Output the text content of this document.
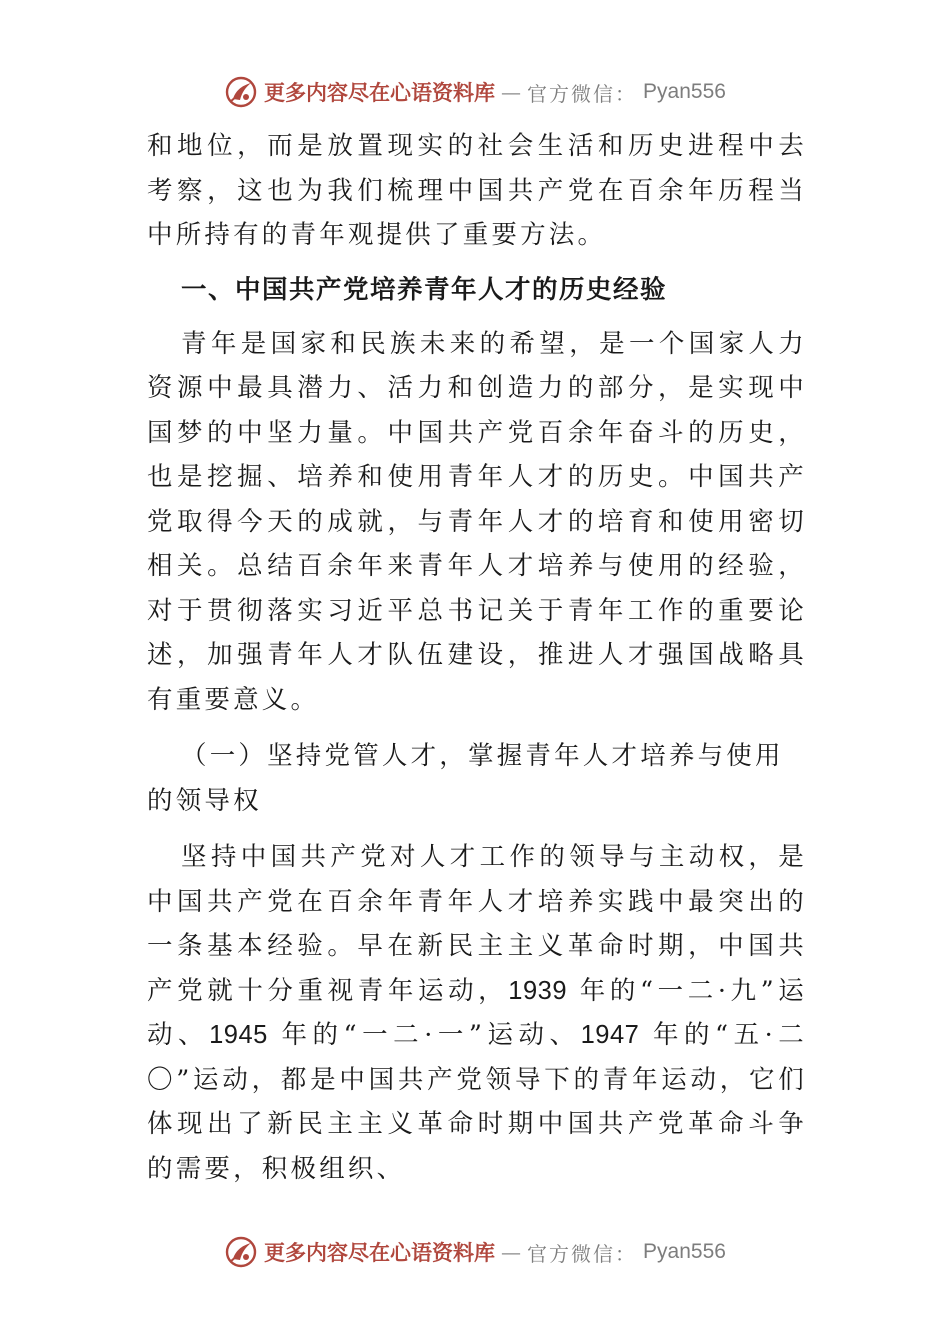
更多内容尽在心语资料库 — 官方微信： Pyan556

和地位，而是放置现实的社会生活和历史进程中去考察，这也为我们梳理中国共产党在百余年历程当中所持有的青年观提供了重要方法。

一、中国共产党培养青年人才的历史经验

青年是国家和民族未来的希望，是一个国家人力资源中最具潜力、活力和创造力的部分，是实现中国梦的中坚力量。中国共产党百余年奋斗的历史，也是挖掘、培养和使用青年人才的历史。中国共产党取得今天的成就，与青年人才的培育和使用密切相关。总结百余年来青年人才培养与使用的经验，对于贯彻落实习近平总书记关于青年工作的重要论述，加强青年人才队伍建设，推进人才强国战略具有重要意义。

（一）坚持党管人才，掌握青年人才培养与使用的领导权

坚持中国共产党对人才工作的领导与主动权，是中国共产党在百余年青年人才培养实践中最突出的一条基本经验。早在新民主主义革命时期，中国共产党就十分重视青年运动，1939 年的“一二·九”运动、1945 年的“一二·一”运动、1947 年的“五·二〇”运动，都是中国共产党领导下的青年运动，它们体现出了新民主主义革命时期中国共产党革命斗争的需要，积极组织、

更多内容尽在心语资料库 — 官方微信： Pyan556
